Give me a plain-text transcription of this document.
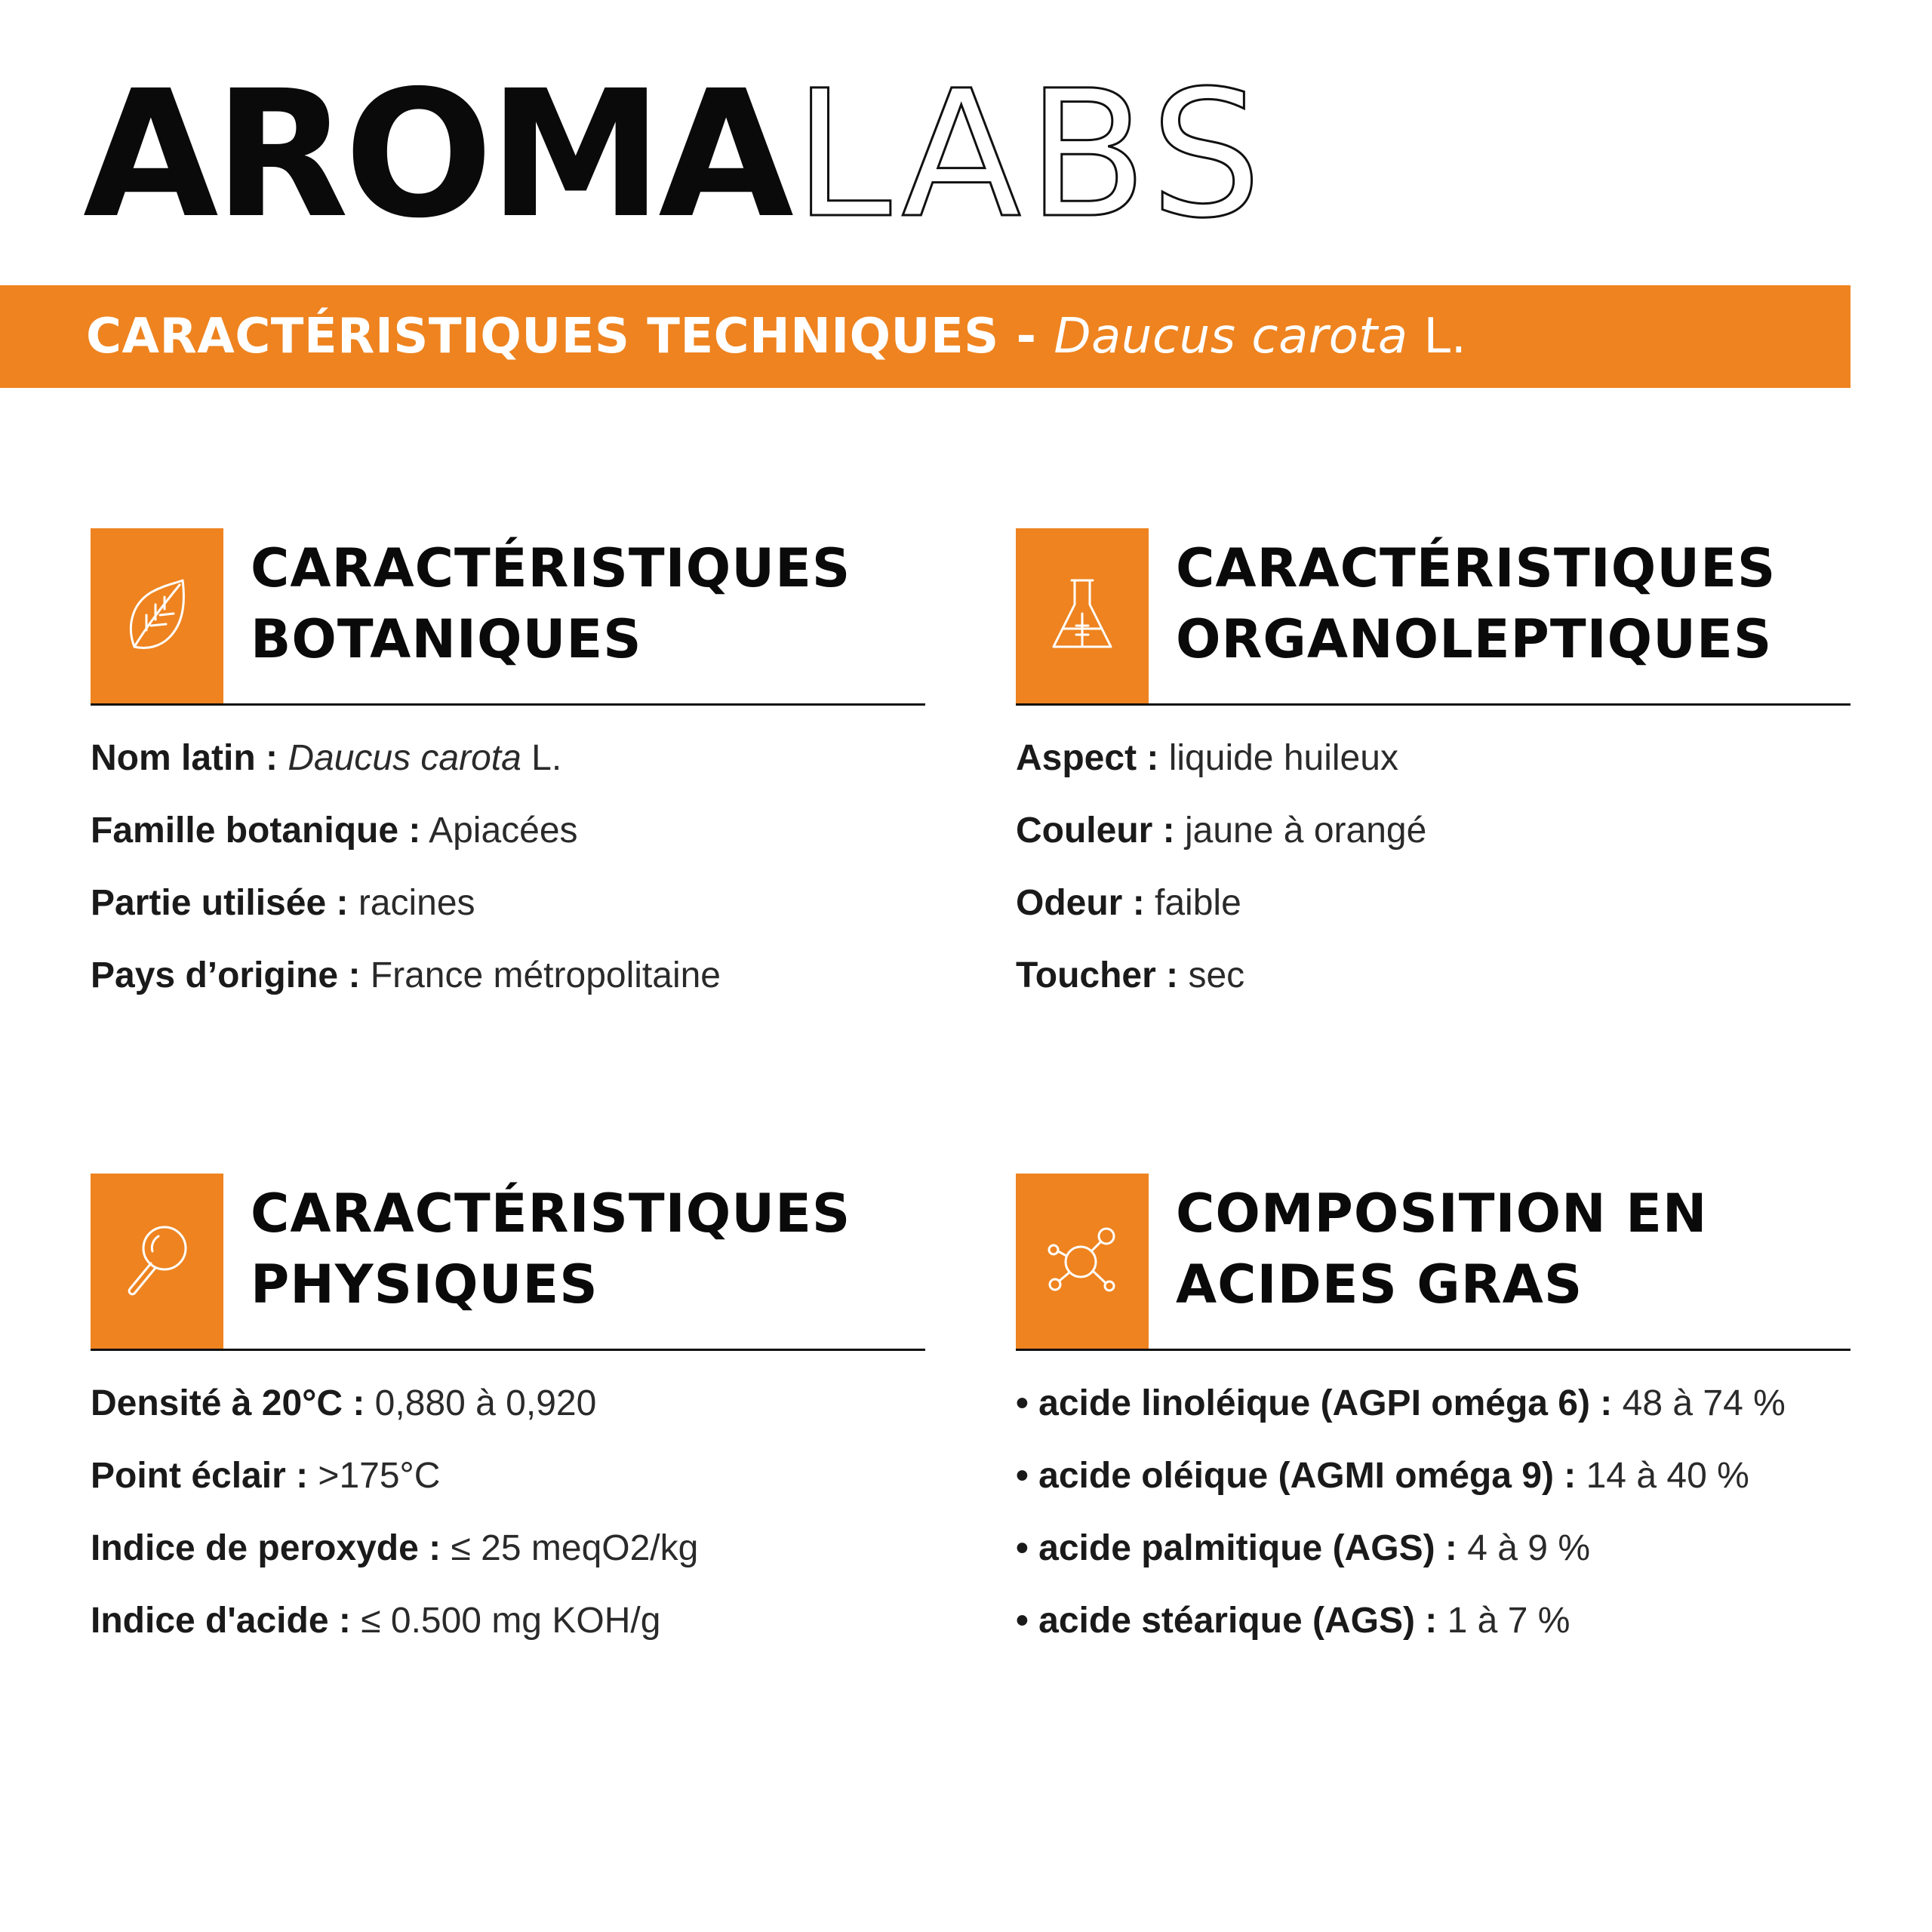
AROMALABS
CARACTÉRISTIQUES TECHNIQUES - Daucus carota L.
CARACTÉRISTIQUES
BOTANIQUES
Nom latin : Daucus carota L.
Famille botanique : Apiacées
Partie utilisée : racines
Pays d’origine : France métropolitaine
CARACTÉRISTIQUES
ORGANOLEPTIQUES
Aspect : liquide huileux
Couleur : jaune à orangé
Odeur : faible
Toucher : sec
CARACTÉRISTIQUES
PHYSIQUES
Densité à 20°C : 0,880 à 0,920
Point éclair : >175°C
Indice de peroxyde : ≤ 25 meqO2/kg
Indice d'acide : ≤ 0.500 mg KOH/g
COMPOSITION EN
ACIDES GRAS
• acide linoléique (AGPI oméga 6) : 48 à 74 %
• acide oléique (AGMI oméga 9) : 14 à 40 %
• acide palmitique (AGS) : 4 à 9 %
• acide stéarique (AGS) : 1 à 7 %
